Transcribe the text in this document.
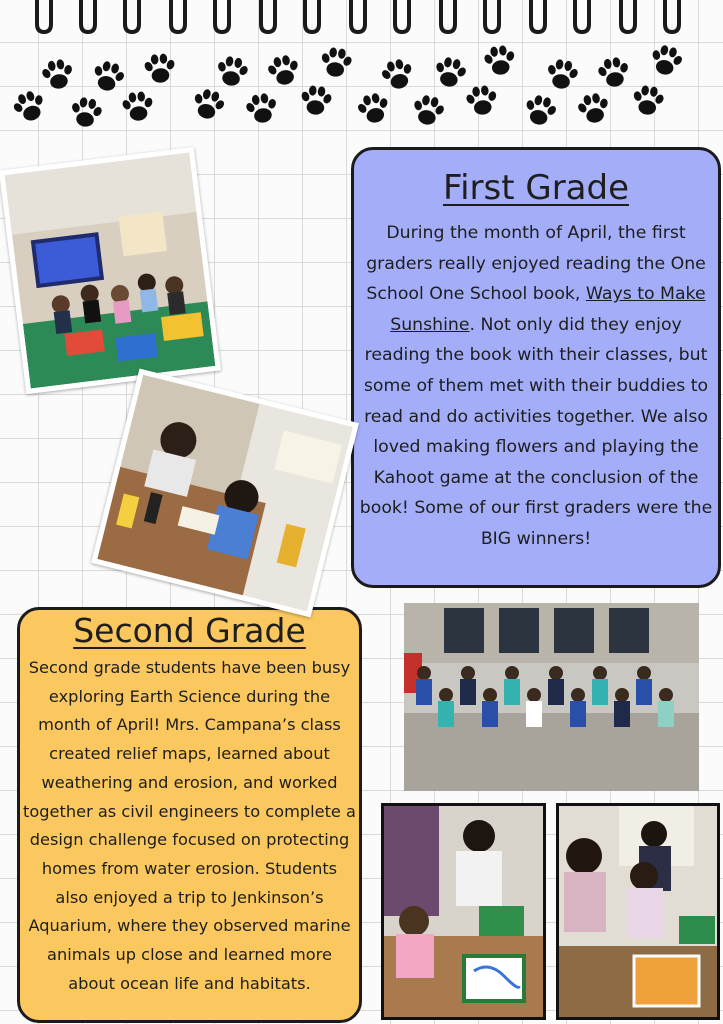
First Grade

During the month of April, the first graders really enjoyed reading the One School One School book, Ways to Make Sunshine. Not only did they enjoy reading the book with their classes, but some of them met with their buddies to read and do activities together. We also loved making flowers and playing the Kahoot game at the conclusion of the book! Some of our first graders were the BIG winners!

Second Grade

Second grade students have been busy exploring Earth Science during the month of April! Mrs. Campana’s class created relief maps, learned about weathering and erosion, and worked together as civil engineers to complete a design challenge focused on protecting homes from water erosion. Students also enjoyed a trip to Jenkinson’s Aquarium, where they observed marine animals up close and learned more about ocean life and habitats.
